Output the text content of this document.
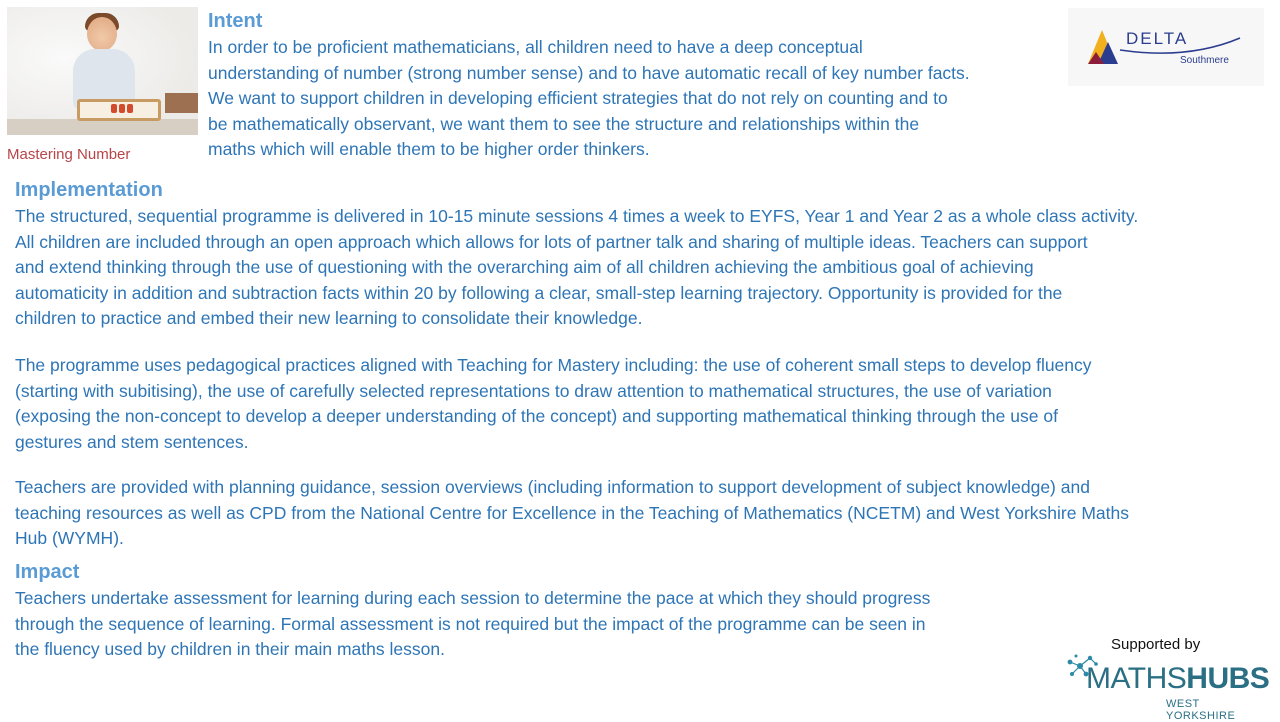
Mastering Number
Intent
In order to be proficient mathematicians, all children need to have a deep conceptual
understanding of number (strong number sense) and to have automatic recall of key number facts.
We want to support children in developing efficient strategies that do not rely on counting and to
be mathematically observant, we want them to see the structure and relationships within the
maths which will enable them to be higher order thinkers.
Implementation
The structured, sequential programme is delivered in 10-15 minute sessions 4 times a week to EYFS, Year 1 and Year 2 as a whole class activity.
All children are included through an open approach which allows for lots of partner talk and sharing of multiple ideas. Teachers can support
and extend thinking through the use of questioning with the overarching aim of all children achieving the ambitious goal of achieving
automaticity in addition and subtraction facts within 20 by following a clear, small-step learning trajectory. Opportunity is provided for the
children to practice and embed their new learning to consolidate their knowledge.
The programme uses pedagogical practices aligned with Teaching for Mastery including: the use of coherent small steps to develop fluency
(starting with subitising), the use of carefully selected representations to draw attention to mathematical structures, the use of variation
(exposing the non-concept to develop a deeper understanding of the concept) and supporting mathematical thinking through the use of
gestures and stem sentences.
Teachers are provided with planning guidance, session overviews (including information to support development of subject knowledge) and
teaching resources as well as CPD from the National Centre for Excellence in the Teaching of Mathematics (NCETM) and West Yorkshire Maths
Hub (WYMH).
Impact
Teachers undertake assessment for learning during each session to determine the pace at which they should progress
through the sequence of learning. Formal assessment is not required but the impact of the programme can be seen in
the fluency used by children in their main maths lesson.
DELTA
Southmere
Supported by
MATHSHUBS
WEST YORKSHIRE
